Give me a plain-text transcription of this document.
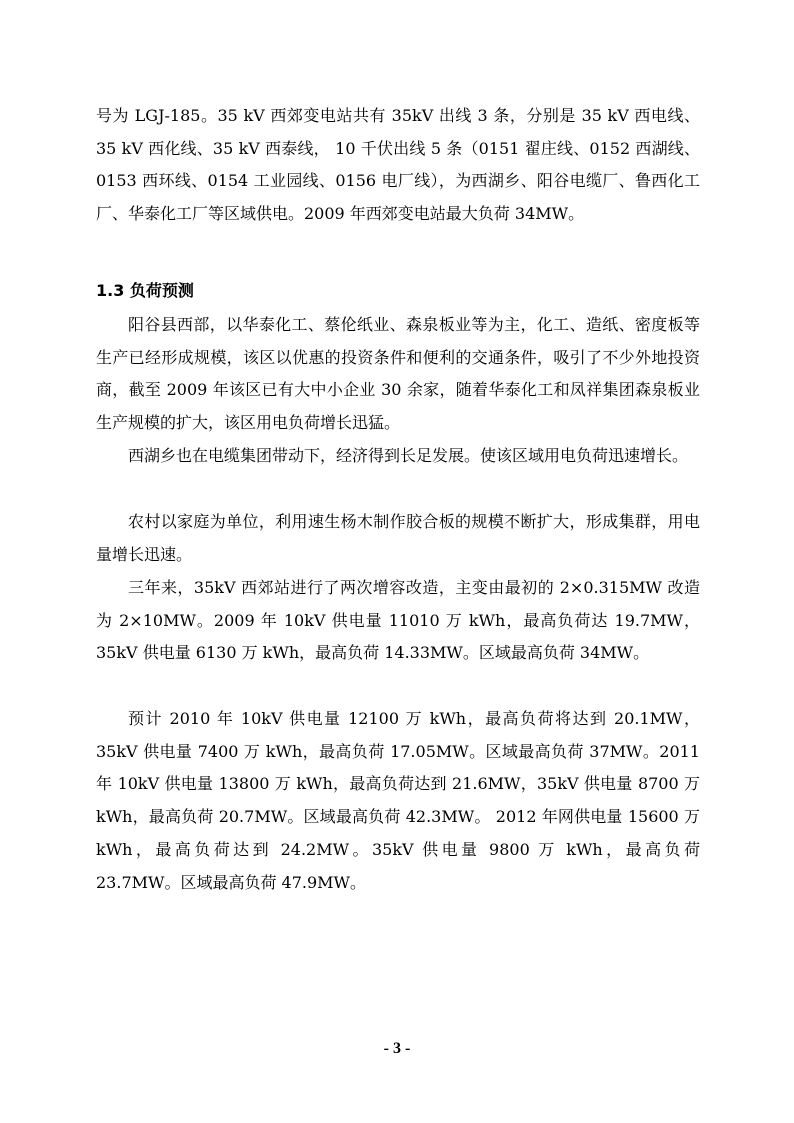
号为 LGJ-185。35 kV 西郊变电站共有 35kV 出线 3 条，分别是 35 kV 西电线、35 kV 西化线、35 kV 西泰线， 10 千伏出线 5 条（0151 翟庄线、0152 西湖线、0153 西环线、0154 工业园线、0156 电厂线），为西湖乡、阳谷电缆厂、鲁西化工厂、华泰化工厂等区域供电。2009 年西郊变电站最大负荷 34MW。

1.3 负荷预测

阳谷县西部，以华泰化工、蔡伦纸业、森泉板业等为主，化工、造纸、密度板等生产已经形成规模，该区以优惠的投资条件和便利的交通条件，吸引了不少外地投资商，截至 2009 年该区已有大中小企业 30 余家，随着华泰化工和凤祥集团森泉板业生产规模的扩大，该区用电负荷增长迅猛。

西湖乡也在电缆集团带动下，经济得到长足发展。使该区域用电负荷迅速增长。

农村以家庭为单位，利用速生杨木制作胶合板的规模不断扩大，形成集群，用电量增长迅速。

三年来，35kV 西郊站进行了两次增容改造，主变由最初的 2×0.315MW 改造为 2×10MW。2009 年 10kV 供电量 11010 万 kWh，最高负荷达 19.7MW，35kV 供电量 6130 万 kWh，最高负荷 14.33MW。区域最高负荷 34MW。

预计 2010 年 10kV 供电量 12100 万 kWh，最高负荷将达到 20.1MW，35kV 供电量 7400 万 kWh，最高负荷 17.05MW。区域最高负荷 37MW。2011 年 10kV 供电量 13800 万 kWh，最高负荷达到 21.6MW，35kV 供电量 8700 万 kWh，最高负荷 20.7MW。区域最高负荷 42.3MW。 2012 年网供电量 15600 万 kWh，最高负荷达到 24.2MW。35kV 供电量 9800 万 kWh，最高负荷 23.7MW。区域最高负荷 47.9MW。

- 3 -
